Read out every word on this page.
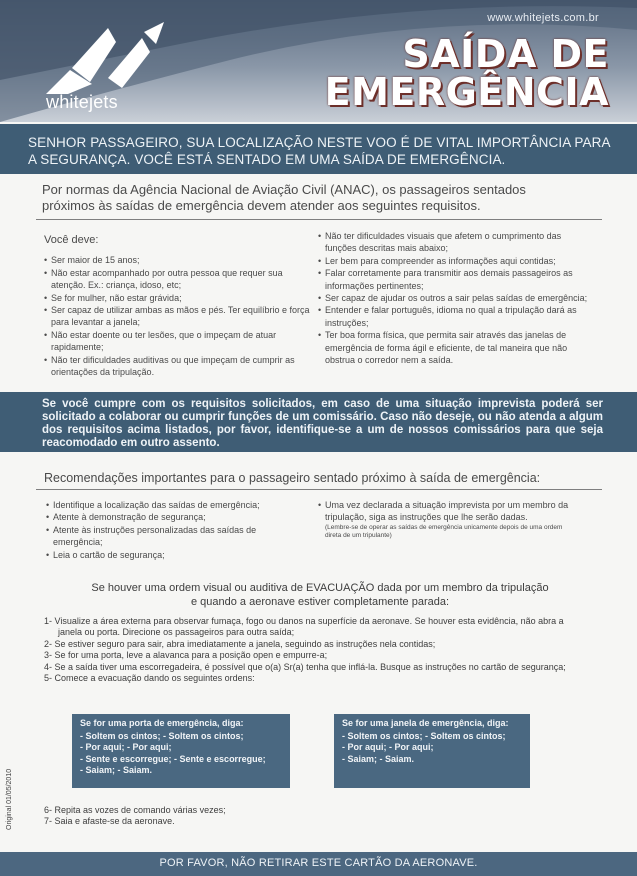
www.whitejets.com.br
whitejets
SAÍDA DE
EMERGÊNCIA
SENHOR PASSAGEIRO, SUA LOCALIZAÇÃO NESTE VOO É DE VITAL IMPORTÂNCIA PARA
A SEGURANÇA. VOCÊ ESTÁ SENTADO EM UMA SAÍDA DE EMERGÊNCIA.
Por normas da Agência Nacional de Aviação Civil (ANAC), os passageiros sentados
próximos às saídas de emergência devem atender aos seguintes requisitos.
Você deve:
• Ser maior de 15 anos;
• Não estar acompanhado por outra pessoa que requer sua atenção. Ex.: criança, idoso, etc;
• Se for mulher, não estar grávida;
• Ser capaz de utilizar ambas as mãos e pés. Ter equilíbrio e força para levantar a janela;
• Não estar doente ou ter lesões, que o impeçam de atuar rapidamente;
• Não ter dificuldades auditivas ou que impeçam de cumprir as orientações da tripulação.
• Não ter dificuldades visuais que afetem o cumprimento das funções descritas mais abaixo;
• Ler bem para compreender as informações aqui contidas;
• Falar corretamente para transmitir aos demais passageiros as informações pertinentes;
• Ser capaz de ajudar os outros a sair pelas saídas de emergência;
• Entender e falar português, idioma no qual a tripulação dará as instruções;
• Ter boa forma física, que permita sair através das janelas de emergência de forma ágil e eficiente, de tal maneira que não obstrua o corredor nem a saída.
Se você cumpre com os requisitos solicitados, em caso de uma situação imprevista poderá ser solicitado a colaborar ou cumprir funções de um comissário. Caso não deseje, ou não atenda a algum dos requisitos acima listados, por favor, identifique-se a um de nossos comissários para que seja reacomodado em outro assento.
Recomendações importantes para o passageiro sentado próximo à saída de emergência:
• Identifique a localização das saídas de emergência;
• Atente à demonstração de segurança;
• Atente às instruções personalizadas das saídas de emergência;
• Leia o cartão de segurança;
• Uma vez declarada a situação imprevista por um membro da tripulação, siga as instruções que lhe serão dadas.
(Lembre-se de operar as saídas de emergência unicamente depois de uma ordem direta de um tripulante)
Se houver uma ordem visual ou auditiva de EVACUAÇÃO dada por um membro da tripulação
e quando a aeronave estiver completamente parada:
1- Visualize a área externa para observar fumaça, fogo ou danos na superfície da aeronave. Se houver esta evidência, não abra a janela ou porta. Direcione os passageiros para outra saída;
2- Se estiver seguro para sair, abra imediatamente a janela, seguindo as instruções nela contidas;
3- Se for uma porta, leve a alavanca para a posição open e empurre-a;
4- Se a saída tiver uma escorregadeira, é possível que o(a) Sr(a) tenha que inflá-la. Busque as instruções no cartão de segurança;
5- Comece a evacuação dando os seguintes ordens:
Se for uma porta de emergência, diga:
- Soltem os cintos; - Soltem os cintos;
- Por aqui; - Por aqui;
- Sente e escorregue; - Sente e escorregue;
- Saiam; - Saiam.
Se for uma janela de emergência, diga:
- Soltem os cintos; - Soltem os cintos;
- Por aqui; - Por aqui;
- Saiam; - Saiam.
6- Repita as vozes de comando várias vezes;
7- Saia e afaste-se da aeronave.
Original 01/05/2010
POR FAVOR, NÃO RETIRAR ESTE CARTÃO DA AERONAVE.
